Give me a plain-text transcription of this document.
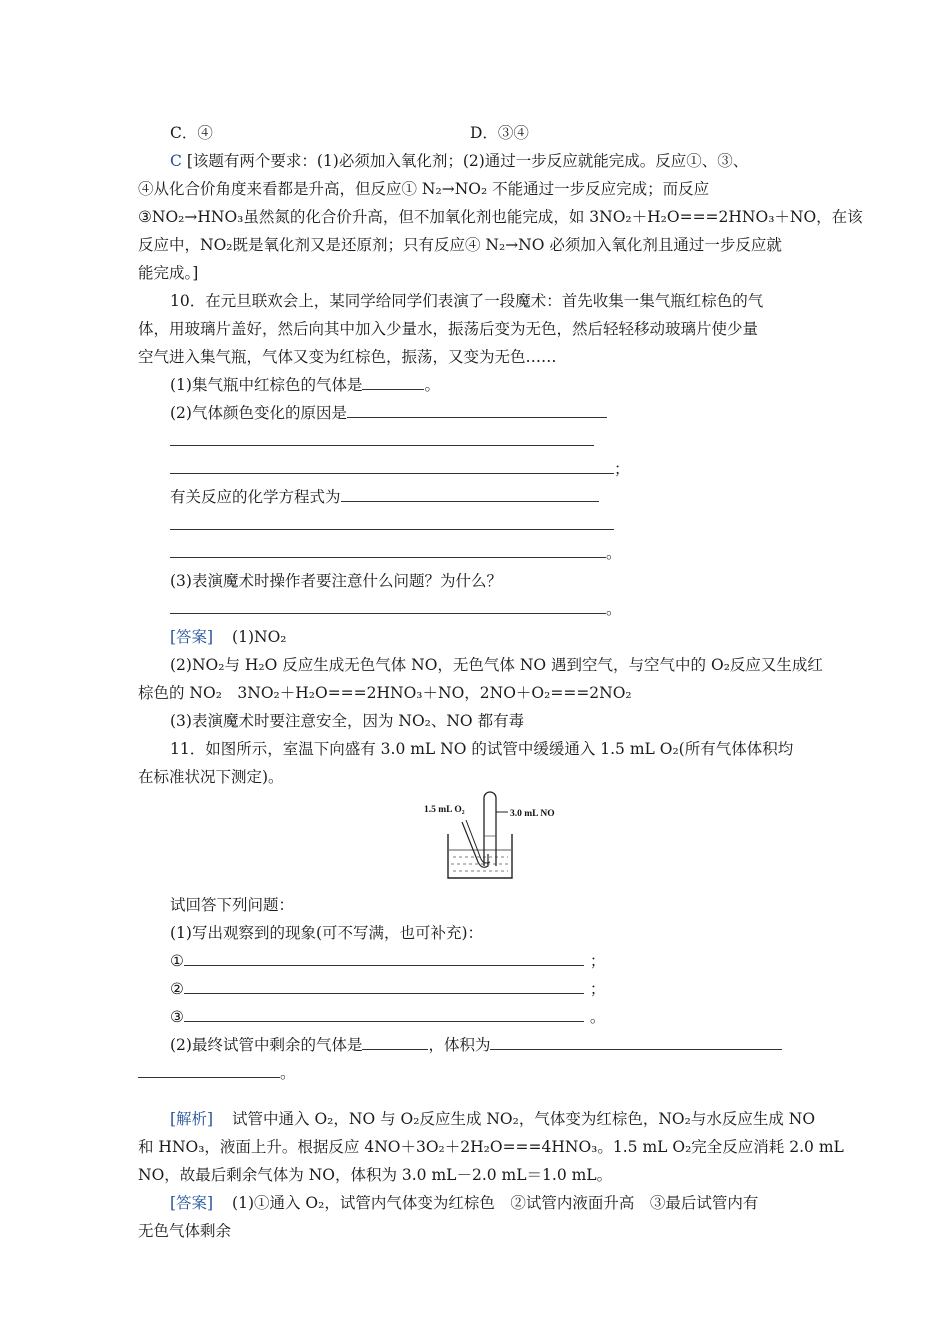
C．④	D．③④
C [该题有两个要求：(1)必须加入氧化剂；(2)通过一步反应就能完成。反应①、③、
④从化合价角度来看都是升高，但反应① N₂→NO₂ 不能通过一步反应完成；而反应
③NO₂→HNO₃虽然氮的化合价升高，但不加氧化剂也能完成，如 3NO₂＋H₂O===2HNO₃＋NO，在该
反应中，NO₂既是氧化剂又是还原剂；只有反应④ N₂→NO 必须加入氧化剂且通过一步反应就
能完成。]
10．在元旦联欢会上，某同学给同学们表演了一段魔术：首先收集一集气瓶红棕色的气
体，用玻璃片盖好，然后向其中加入少量水，振荡后变为无色，然后轻轻移动玻璃片使少量
空气进入集气瓶，气体又变为红棕色，振荡，又变为无色……
(1)集气瓶中红棕色的气体是	。
(2)气体颜色变化的原因是
；
有关反应的化学方程式为
。
(3)表演魔术时操作者要注意什么问题？为什么？
。
[答案] (1)NO₂
(2)NO₂与 H₂O 反应生成无色气体 NO，无色气体 NO 遇到空气，与空气中的 O₂反应又生成红
棕色的 NO₂　3NO₂＋H₂O===2HNO₃＋NO，2NO＋O₂===2NO₂
(3)表演魔术时要注意安全，因为 NO₂、NO 都有毒
11．如图所示，室温下向盛有 3.0 mL NO 的试管中缓缓通入 1.5 mL O₂(所有气体体积均
在标准状况下测定)。
1.5 mL O₂	3.0 mL NO
试回答下列问题：
(1)写出观察到的现象(可不写满，也可补充)：
①	；
②	；
③	。
(2)最终试管中剩余的气体是	，体积为
。
[解析] 试管中通入 O₂，NO 与 O₂反应生成 NO₂，气体变为红棕色，NO₂与水反应生成 NO
和 HNO₃，液面上升。根据反应 4NO＋3O₂＋2H₂O===4HNO₃。1.5 mL O₂完全反应消耗 2.0 mL
NO，故最后剩余气体为 NO，体积为 3.0 mL－2.0 mL＝1.0 mL。
[答案] (1)①通入 O₂，试管内气体变为红棕色　②试管内液面升高　③最后试管内有
无色气体剩余
